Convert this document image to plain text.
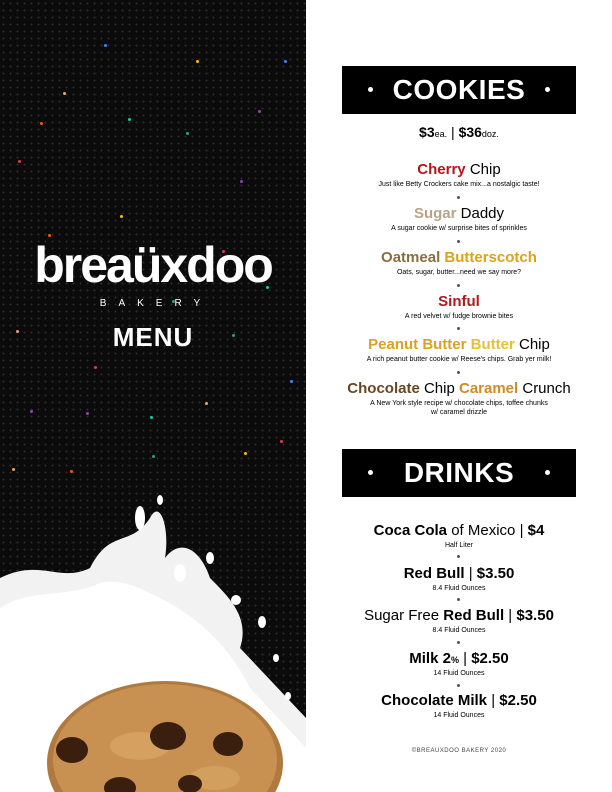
breaüxdoo
BAKERY
MENU
COOKIES
$3ea. | $36doz.
Cherry Chip
Just like Betty Crockers cake mix...a nostalgic taste!
Sugar Daddy
A sugar cookie w/ surprise bites of sprinkles
Oatmeal Butterscotch
Oats, sugar, butter...need we say more?
Sinful
A red velvet w/ fudge brownie bites
Peanut Butter Butter Chip
A rich peanut butter cookie w/ Reese's chips. Grab yer milk!
Chocolate Chip Caramel Crunch
A New York style recipe w/ chocolate chips, toffee chunks
w/ caramel drizzle
DRINKS
Coca Cola of Mexico | $4
Half Liter
Red Bull | $3.50
8.4 Fluid Ounces
Sugar Free Red Bull | $3.50
8.4 Fluid Ounces
Milk 2% | $2.50
14 Fluid Ounces
Chocolate Milk | $2.50
14 Fluid Ounces
©BREAUXDOO BAKERY 2020
